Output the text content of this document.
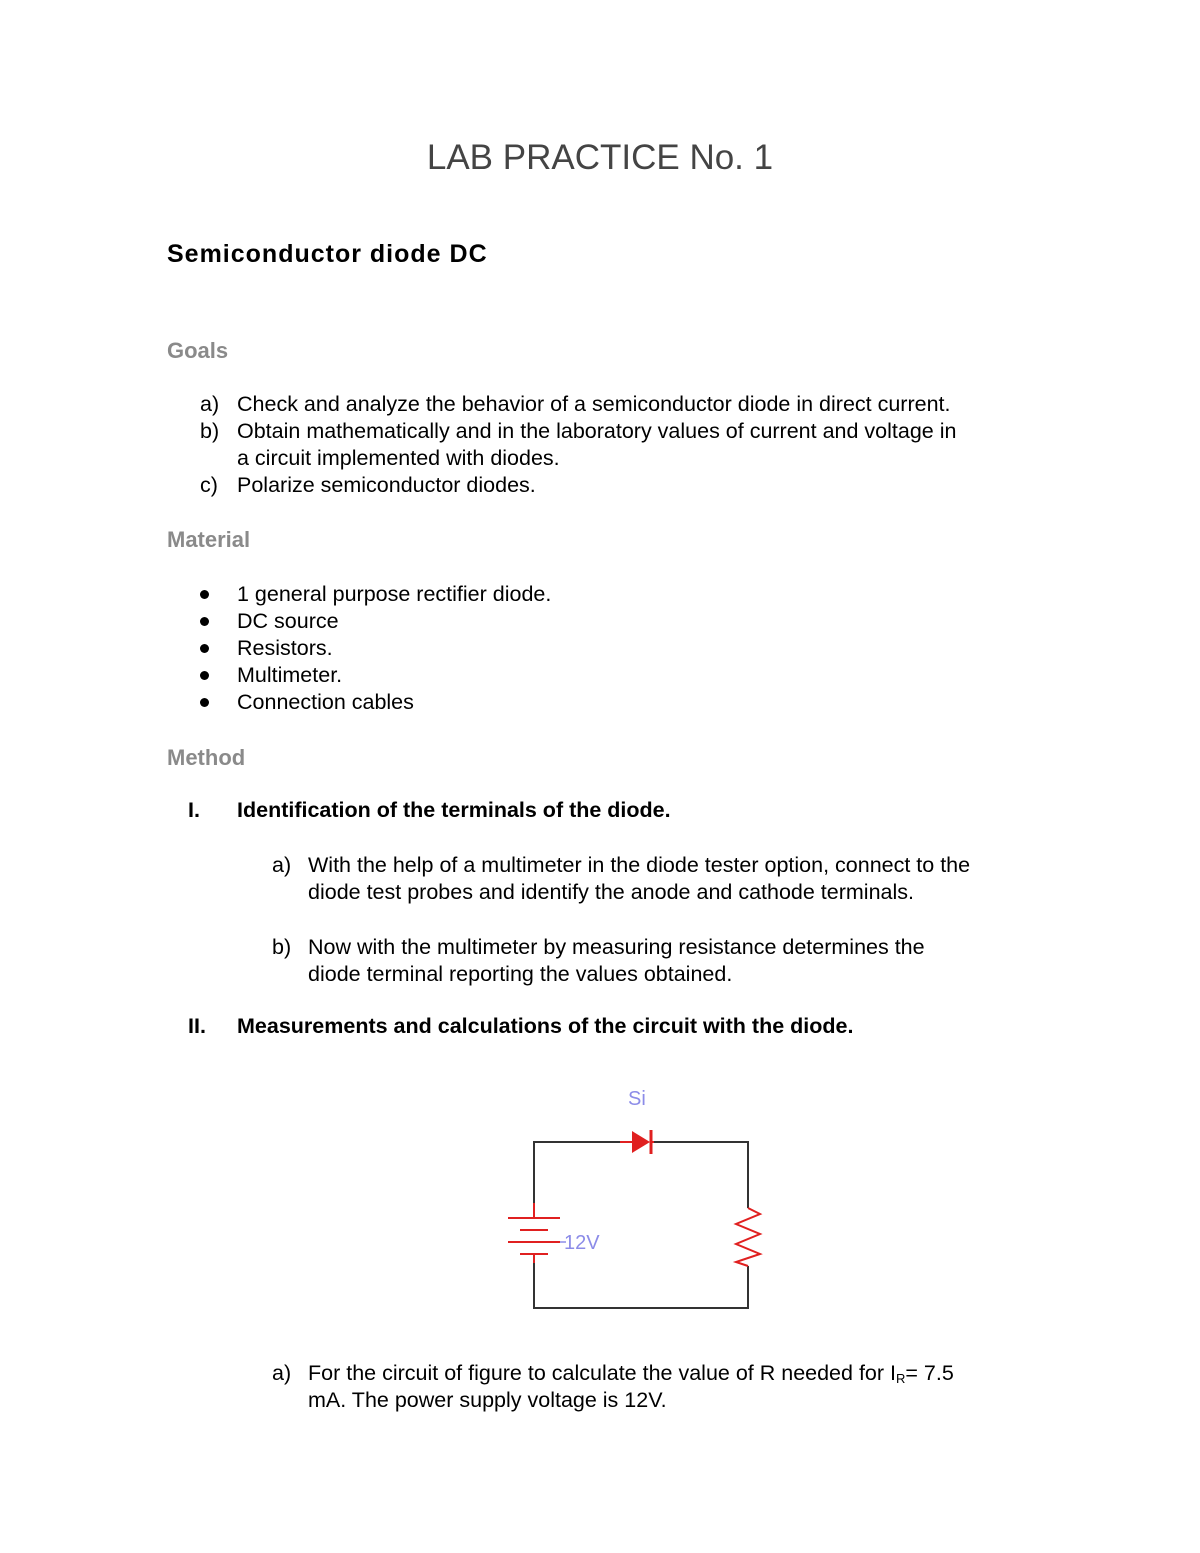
LAB PRACTICE No. 1
Semiconductor diode DC
Goals
a) Check and analyze the behavior of a semiconductor diode in direct current.
b) Obtain mathematically and in the laboratory values of current and voltage in
a circuit implemented with diodes.
c) Polarize semiconductor diodes.
Material
1 general purpose rectifier diode.
DC source
Resistors.
Multimeter.
Connection cables
Method
I. Identification of the terminals of the diode.
a) With the help of a multimeter in the diode tester option, connect to the
diode test probes and identify the anode and cathode terminals.
b) Now with the multimeter by measuring resistance determines the
diode terminal reporting the values obtained.
II. Measurements and calculations of the circuit with the diode.
Si
12V
a) For the circuit of figure to calculate the value of R needed for $I_R= 7.5$
mA. The power supply voltage is 12V.
